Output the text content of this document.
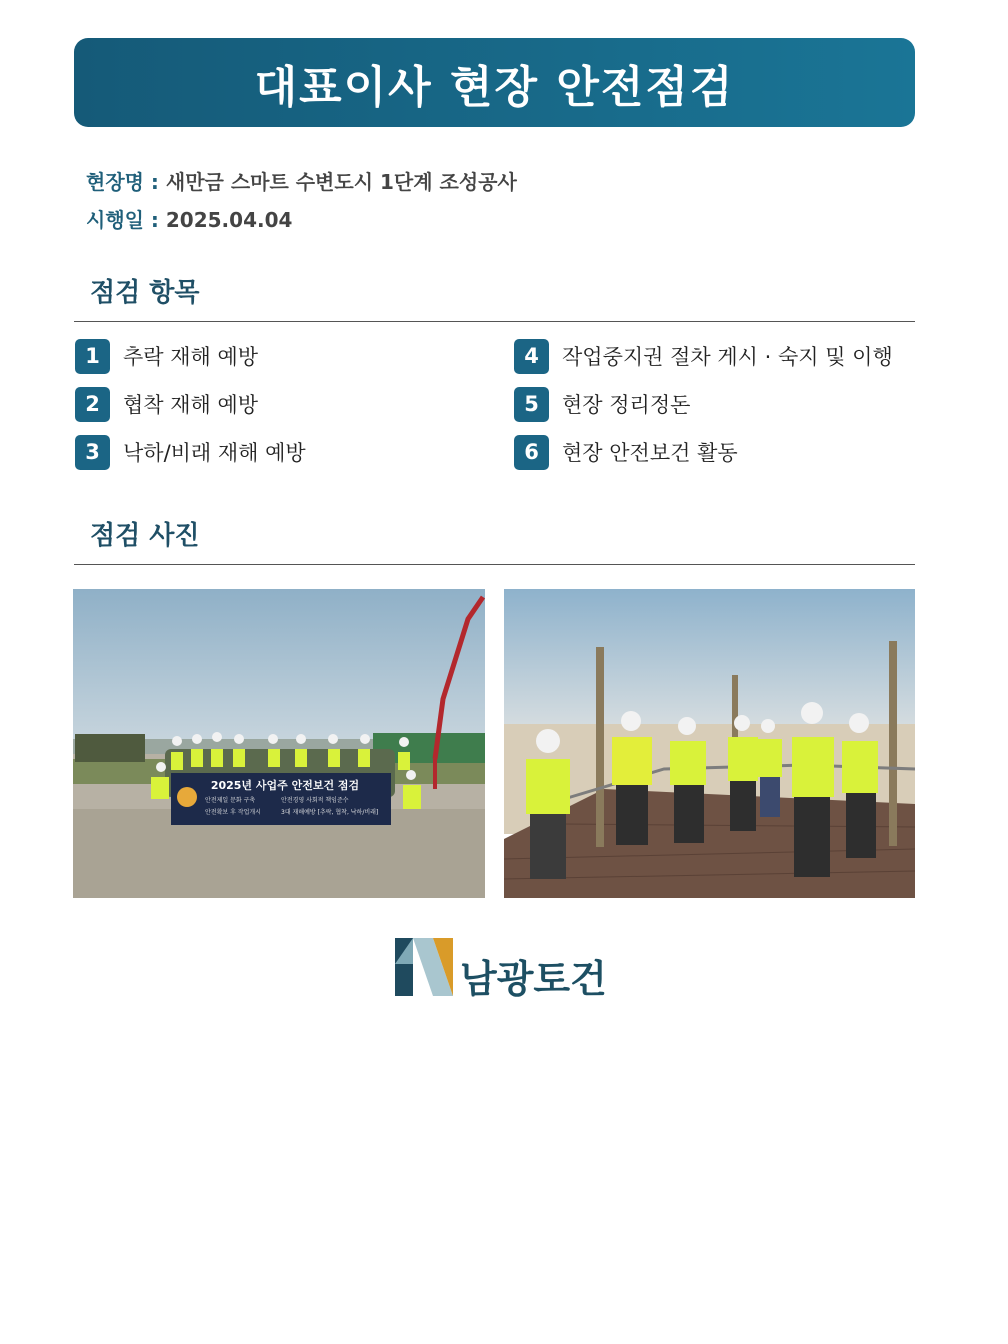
대표이사 현장 안전점검
현장명 : 새만금 스마트 수변도시 1단계 조성공사
시행일 : 2025.04.04
점검 항목
1	추락 재해 예방
2	협착 재해 예방
3	낙하/비래 재해 예방
4	작업중지권 절차 게시 · 숙지 및 이행
5	현장 정리정돈
6	현장 안전보건 활동
점검 사진
2025년 사업주 안전보건 점검
안전제일 문화 구축	안전경영 사회적 책임준수
안전확보 후 작업개시	3대 재해예방 [추락, 협착, 낙하/비래]
남광토건
